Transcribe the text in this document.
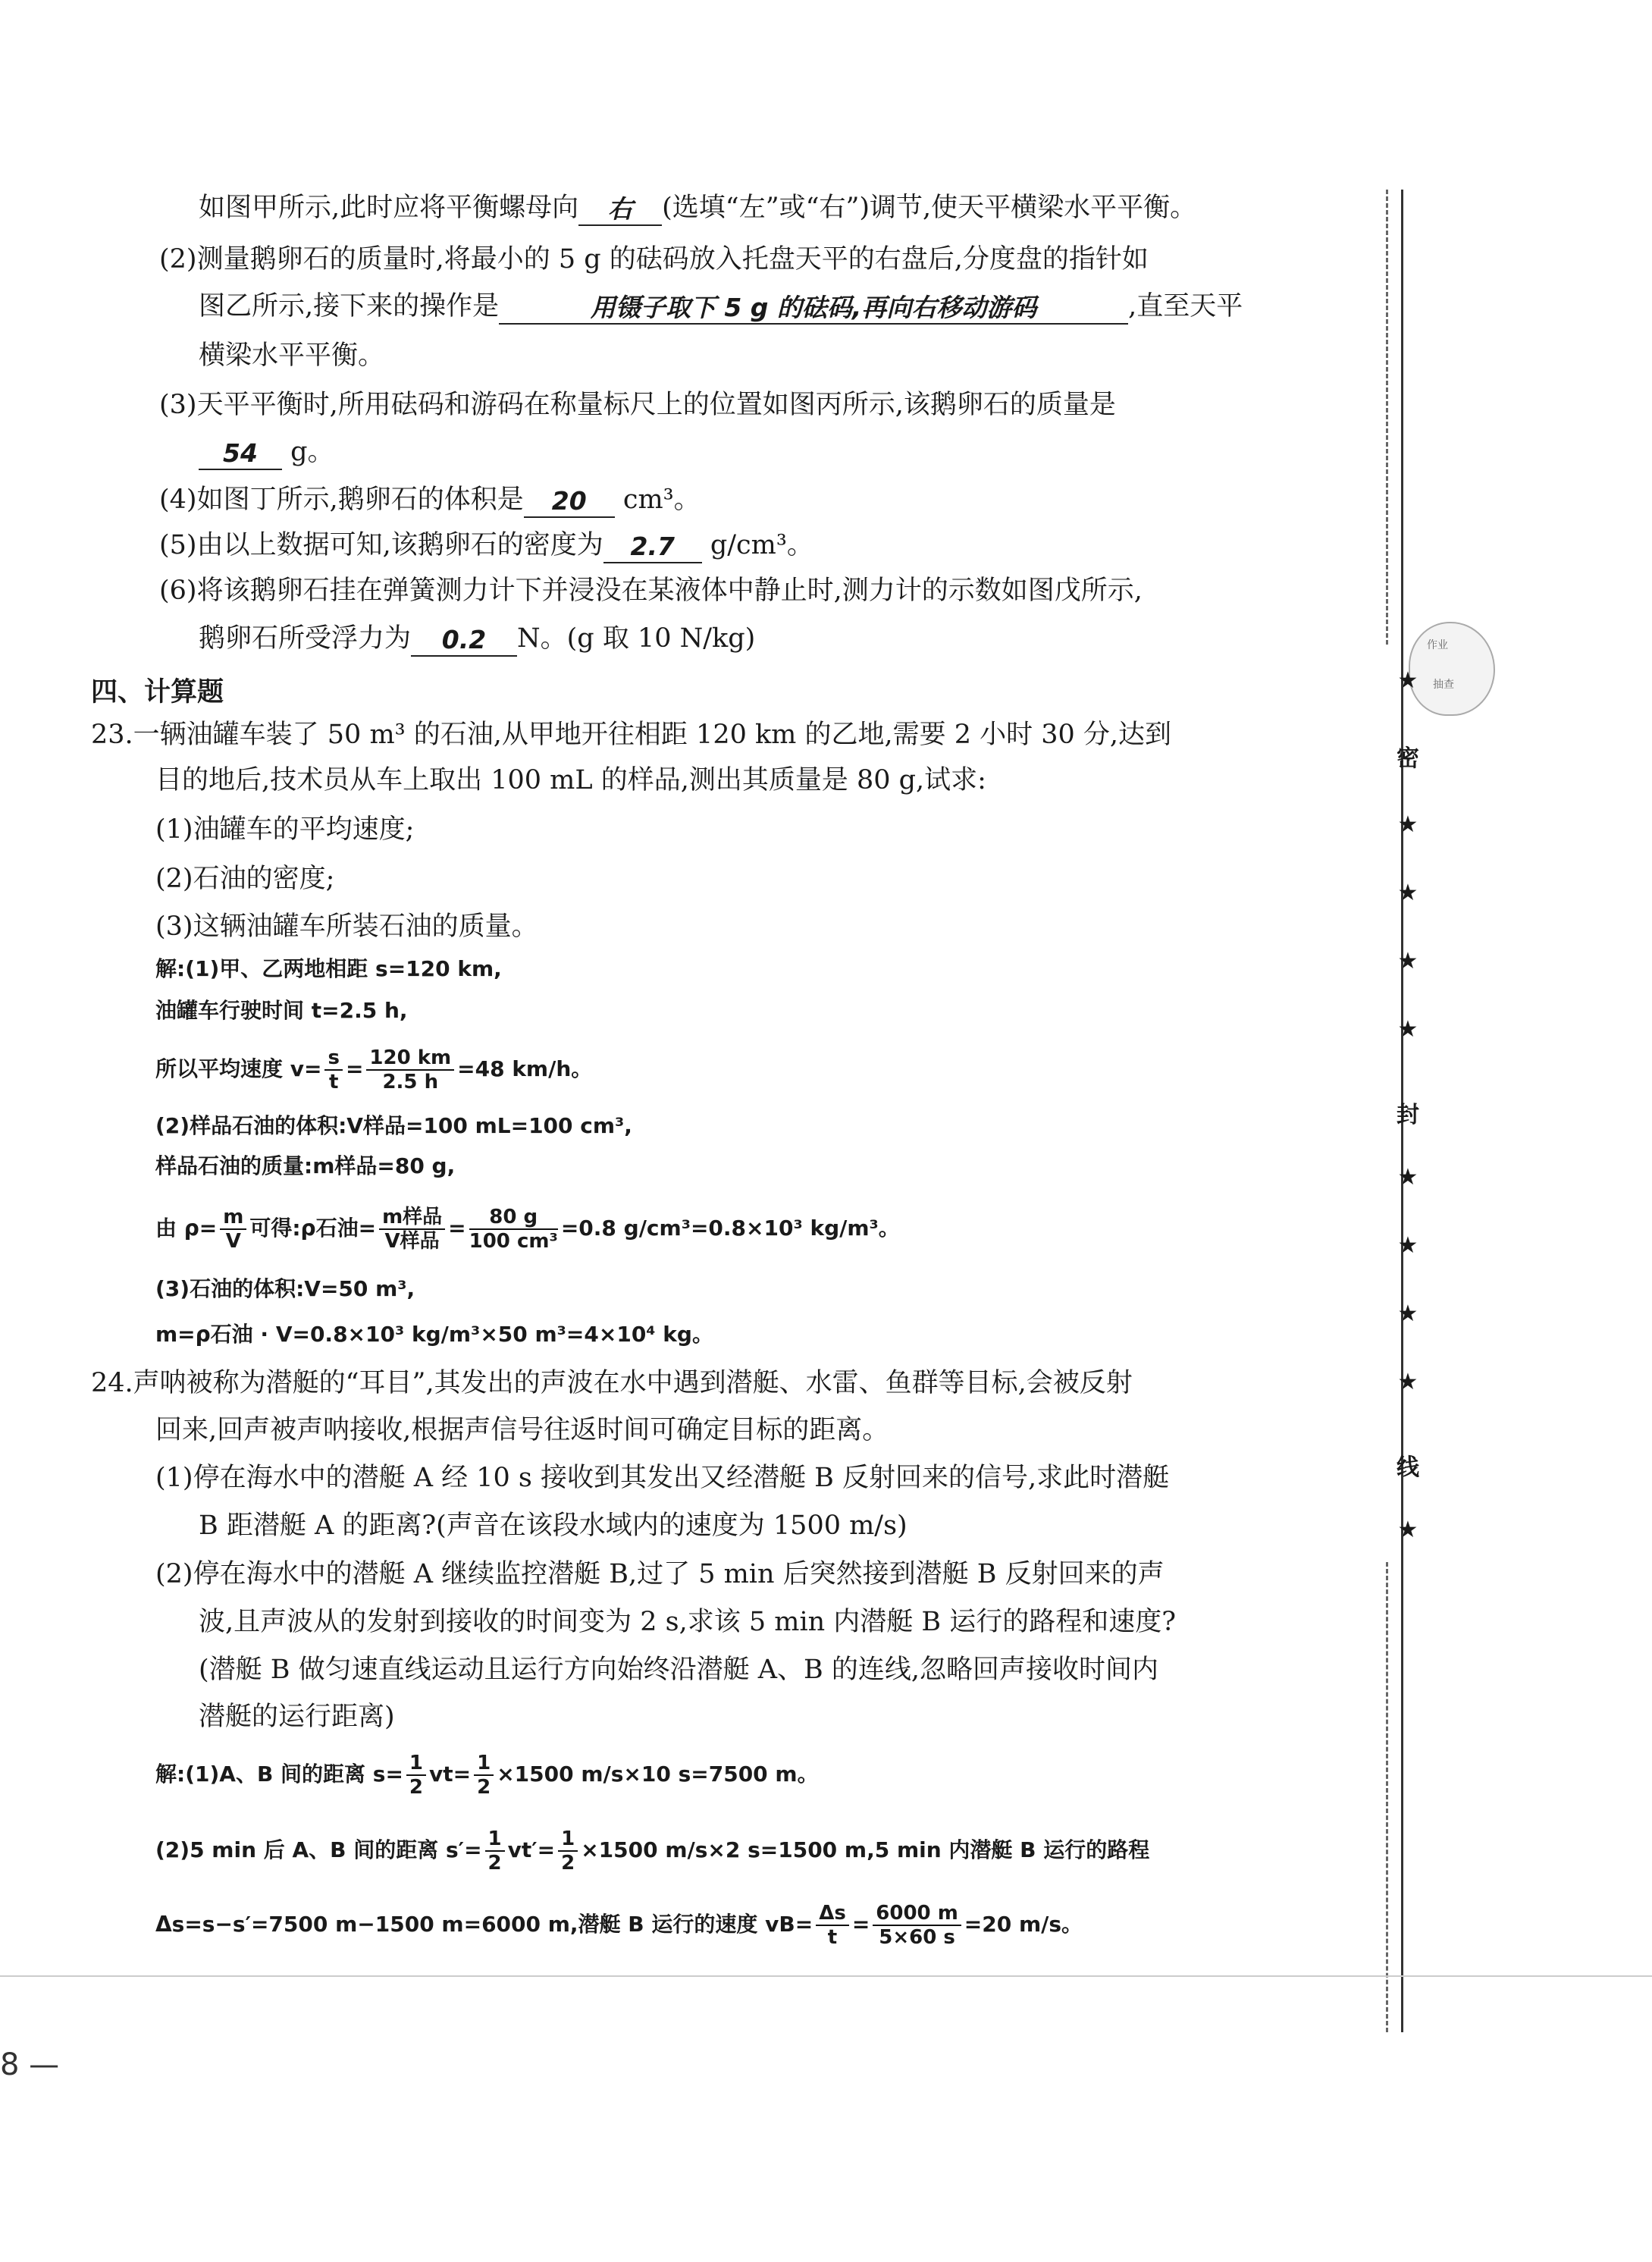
如图甲所示,此时应将平衡螺母向 右 (选填“左”或“右”)调节,使天平横梁水平平衡。
(2)测量鹅卵石的质量时,将最小的 5 g 的砝码放入托盘天平的右盘后,分度盘的指针如
图乙所示,接下来的操作是	用镊子取下 5 g 的砝码,再向右移动游码	,直至天平
横梁水平平衡。
(3)天平平衡时,所用砝码和游码在称量标尺上的位置如图丙所示,该鹅卵石的质量是
54 g。
(4)如图丁所示,鹅卵石的体积是 20 cm³。
(5)由以上数据可知,该鹅卵石的密度为 2.7 g/cm³。
(6)将该鹅卵石挂在弹簧测力计下并浸没在某液体中静止时,测力计的示数如图戊所示,
鹅卵石所受浮力为 0.2 N。(g 取 10 N/kg)
四、计算题
23.一辆油罐车装了 50 m³ 的石油,从甲地开往相距 120 km 的乙地,需要 2 小时 30 分,达到
目的地后,技术员从车上取出 100 mL 的样品,测出其质量是 80 g,试求:
(1)油罐车的平均速度;
(2)石油的密度;
(3)这辆油罐车所装石油的质量。
解:(1)甲、乙两地相距 s=120 km,
油罐车行驶时间 t=2.5 h,
所以平均速度 $v= \frac{s}{t} = \frac{120 km}{2.5 h} =48$ km/h。
(2)样品石油的体积:V样品=100 mL=100 cm³,
样品石油的质量:m样品=80 g,
由 $\rho= \frac{m}{V}$ 可得:ρ石油= $\frac{\text{m样品}}{\text{V样品}} = \frac{80 g}{\text{100 cm³}} =0.8$ g/cm³=0.8×10³ kg/m³。
(3)石油的体积:V=50 m³,
m=ρ石油 · V=0.8×10³ kg/m³×50 m³=4×10⁴ kg。
24.声呐被称为潜艇的“耳目”,其发出的声波在水中遇到潜艇、水雷、鱼群等目标,会被反射
回来,回声被声呐接收,根据声信号往返时间可确定目标的距离。
(1)停在海水中的潜艇 A 经 10 s 接收到其发出又经潜艇 B 反射回来的信号,求此时潜艇
B 距潜艇 A 的距离?(声音在该段水域内的速度为 1500 m/s)
(2)停在海水中的潜艇 A 继续监控潜艇 B,过了 5 min 后突然接到潜艇 B 反射回来的声
波,且声波从的发射到接收的时间变为 2 s,求该 5 min 内潜艇 B 运行的路程和速度?
(潜艇 B 做匀速直线运动且运行方向始终沿潜艇 A、B 的连线,忽略回声接收时间内
潜艇的运行距离)
解:(1)A、B 间的距离 $s= \frac{1}{2} vt= \frac{1}{2} \times 1500$ m/s×10 s=7500 m。
(2)5 min 后 A、B 间的距离 $s'= \frac{1}{2} vt'= \frac{1}{2} \times 1500$ m/s×2 s=1500 m,5 min 内潜艇 B 运行的路程
Δs=s−s′=7500 m−1500 m=6000 m,潜艇 B 运行的速度 $vB= \frac{\Delta s}{t} = \frac{6000 m}{5\times 60 s} =20$ m/s。
作业
抽查
★
密
★
★
★
★
封
★
★
★
★
线
★
8 —
